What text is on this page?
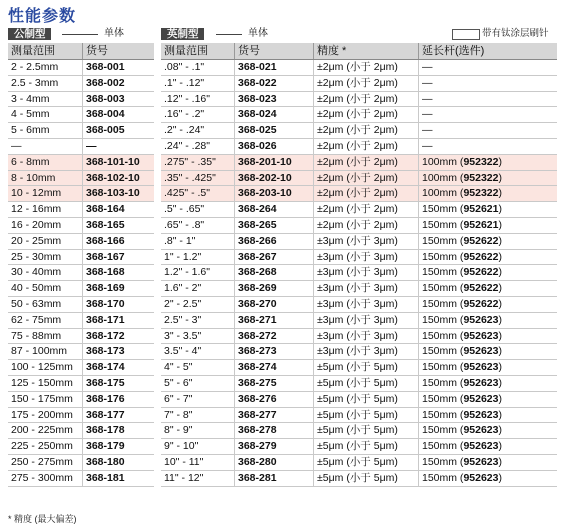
性能参数
公制型	单体	英制型	单体	带有钛涂层刷针
测量范围	货号
2 - 2.5mm	368-001
2.5 - 3mm	368-002
3 - 4mm	368-003
4 - 5mm	368-004
5 - 6mm	368-005
—	—
6 - 8mm	368-101-10
8 - 10mm	368-102-10
10 - 12mm	368-103-10
12 - 16mm	368-164
16 - 20mm	368-165
20 - 25mm	368-166
25 - 30mm	368-167
30 - 40mm	368-168
40 - 50mm	368-169
50 - 63mm	368-170
62 - 75mm	368-171
75 - 88mm	368-172
87 - 100mm	368-173
100 - 125mm	368-174
125 - 150mm	368-175
150 - 175mm	368-176
175 - 200mm	368-177
200 - 225mm	368-178
225 - 250mm	368-179
250 - 275mm	368-180
275 - 300mm	368-181
测量范围	货号	精度 *	延长杆(选件)
.08" - .1"	368-021	±2μm (小于 2μm)	—
.1" - .12"	368-022	±2μm (小于 2μm)	—
.12" - .16"	368-023	±2μm (小于 2μm)	—
.16" - .2"	368-024	±2μm (小于 2μm)	—
.2" - .24"	368-025	±2μm (小于 2μm)	—
.24" - .28"	368-026	±2μm (小于 2μm)	—
.275" - .35"	368-201-10	±2μm (小于 2μm)	100mm (952322)
.35" - .425"	368-202-10	±2μm (小于 2μm)	100mm (952322)
.425" - .5"	368-203-10	±2μm (小于 2μm)	100mm (952322)
.5" - .65"	368-264	±2μm (小于 2μm)	150mm (952621)
.65" - .8"	368-265	±2μm (小于 2μm)	150mm (952621)
.8" - 1"	368-266	±3μm (小于 3μm)	150mm (952622)
1" - 1.2"	368-267	±3μm (小于 3μm)	150mm (952622)
1.2" - 1.6"	368-268	±3μm (小于 3μm)	150mm (952622)
1.6" - 2"	368-269	±3μm (小于 3μm)	150mm (952622)
2" - 2.5"	368-270	±3μm (小于 3μm)	150mm (952622)
2.5" - 3"	368-271	±3μm (小于 3μm)	150mm (952623)
3" - 3.5"	368-272	±3μm (小于 3μm)	150mm (952623)
3.5" - 4"	368-273	±3μm (小于 3μm)	150mm (952623)
4" - 5"	368-274	±5μm (小于 5μm)	150mm (952623)
5" - 6"	368-275	±5μm (小于 5μm)	150mm (952623)
6" - 7"	368-276	±5μm (小于 5μm)	150mm (952623)
7" - 8"	368-277	±5μm (小于 5μm)	150mm (952623)
8" - 9"	368-278	±5μm (小于 5μm)	150mm (952623)
9" - 10"	368-279	±5μm (小于 5μm)	150mm (952623)
10" - 11"	368-280	±5μm (小于 5μm)	150mm (952623)
11" - 12"	368-281	±5μm (小于 5μm)	150mm (952623)
* 精度 (最大偏差)
